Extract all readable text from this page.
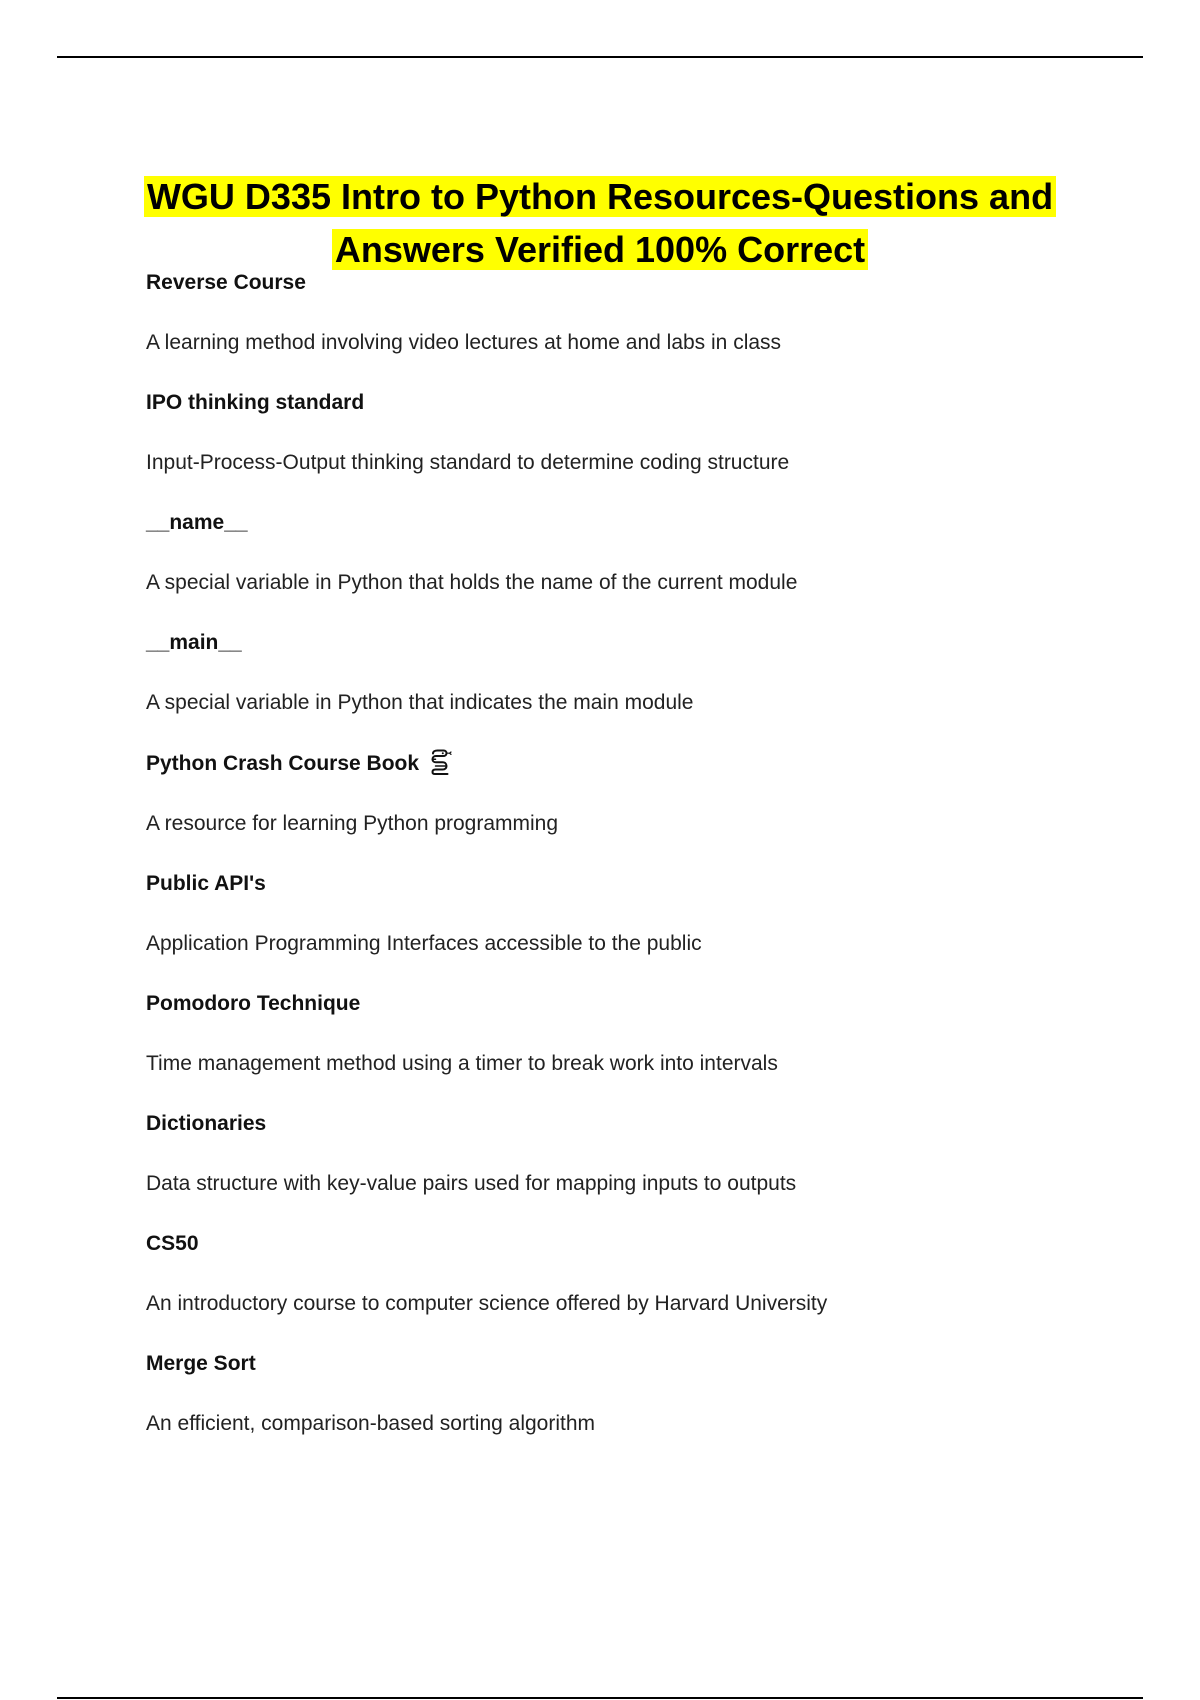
WGU D335 Intro to Python Resources-Questions and
Answers Verified 100% Correct

Reverse Course

A learning method involving video lectures at home and labs in class

IPO thinking standard

Input-Process-Output thinking standard to determine coding structure

__name__

A special variable in Python that holds the name of the current module

__main__

A special variable in Python that indicates the main module

Python Crash Course Book

A resource for learning Python programming

Public API's

Application Programming Interfaces accessible to the public

Pomodoro Technique

Time management method using a timer to break work into intervals

Dictionaries

Data structure with key-value pairs used for mapping inputs to outputs

CS50

An introductory course to computer science offered by Harvard University

Merge Sort

An efficient, comparison-based sorting algorithm
